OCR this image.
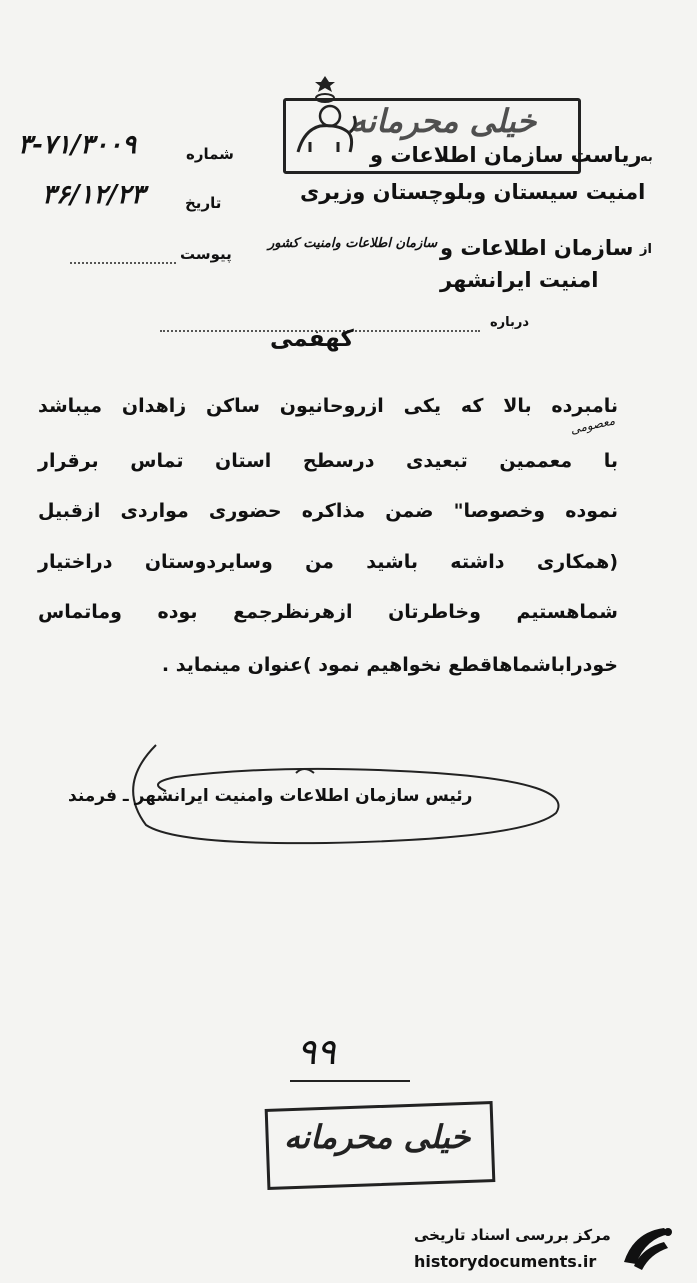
خیلی محرمانه
شماره
۳-۷۱/۳۰۰۹
تاریخ
۳۶/۱۲/۲۳
پیوست
به
ریاست سازمان اطلاعات و
امنیت سیستان وبلوچستان وزیری
از
سازمان اطلاعات و
سازمان اطلاعات وامنیت کشور
امنیت ایرانشهر
درباره
کهفمی
معصومی
نامبرده بالا که یکی ازروحانیون ساکن زاهدان میباشد
با معممین تبعیدی درسطح استان تماس برقرار
نموده وخصوصا" ضمن مذاکره حضوری مواردی ازقبیل
(همکاری داشته باشید من وسایردوستان دراختیار
شماهستیم وخاطرتان ازهرنظرجمع بوده وماتماس
خودراباشماهاقطع نخواهیم نمود )عنوان مینماید .
رئیس سازمان اطلاعات وامنیت ایرانشهر ـ فرمند
۹۹
خیلی محرمانه
مرکز بررسی اسناد تاریخی
historydocuments.ir
